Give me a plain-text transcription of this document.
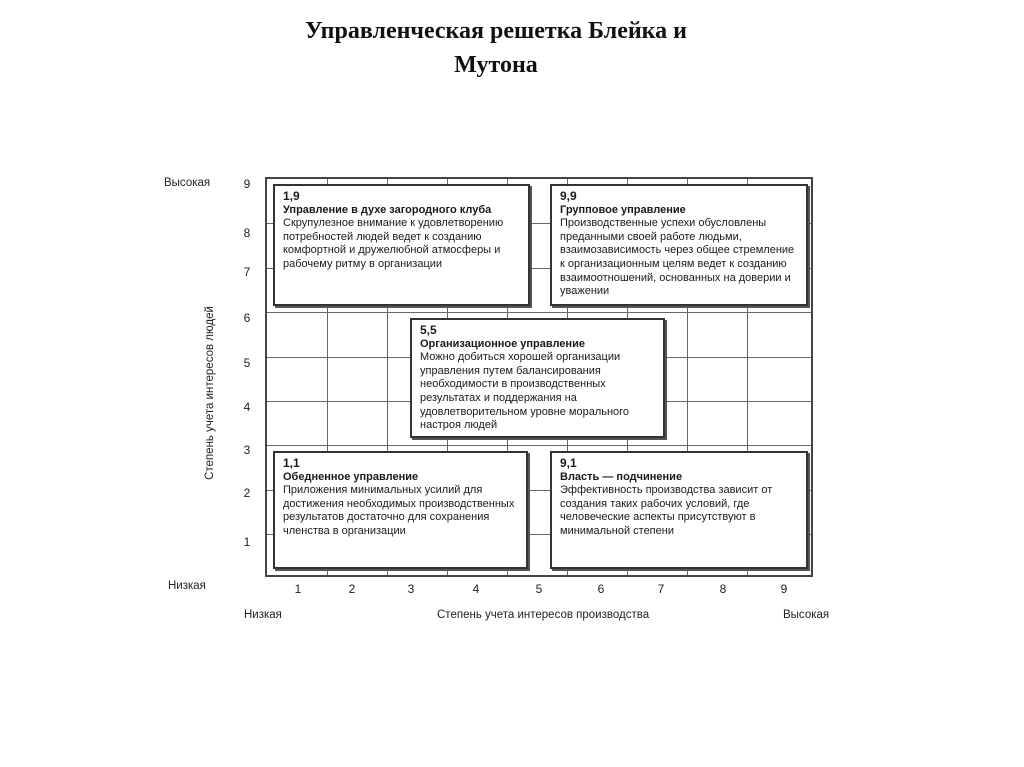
Управленческая решетка Блейка и
Мутона
Высокая
Низкая
9
8
7
6
5
4
3
2
1
Степень учета интересов людей
1	2	3	4	5	6	7	8	9
Низкая	Степень учета интересов производства	Высокая
1,9
Управление в духе загородного клуба
Скрупулезное внимание к удовлетворению потребностей людей ведет к созданию комфортной и дружелюбной атмосферы и рабочему ритму в организации
9,9
Групповое управление
Производственные успехи обусловлены преданными своей работе людьми, взаимозависимость через общее стремление к организационным целям ведет к созданию взаимоотношений, основанных на доверии и уважении
5,5
Организационное управление
Можно добиться хорошей организации управления путем балансирования необходимости в производственных результатах и поддержания на удовлетворительном уровне морального настроя людей
1,1
Обедненное управление
Приложения минимальных усилий для достижения необходимых производственных результатов достаточно для сохранения членства в организации
9,1
Власть — подчинение
Эффективность производства зависит от создания таких рабочих условий, где человеческие аспекты присутствуют в минимальной степени
